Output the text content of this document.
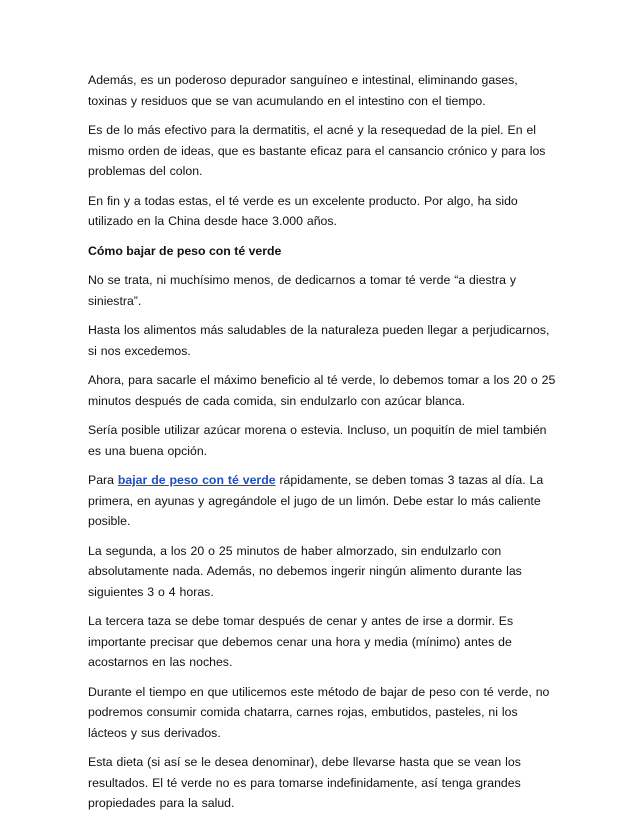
Además, es un poderoso depurador sanguíneo e intestinal, eliminando gases, toxinas y residuos que se van acumulando en el intestino con el tiempo.

Es de lo más efectivo para la dermatitis, el acné y la resequedad de la piel. En el mismo orden de ideas, que es bastante eficaz para el cansancio crónico y para los problemas del colon.

En fin y a todas estas, el té verde es un excelente producto. Por algo, ha sido utilizado en la China desde hace 3.000 años.

Cómo bajar de peso con té verde

No se trata, ni muchísimo menos, de dedicarnos a tomar té verde “a diestra y siniestra”.

Hasta los alimentos más saludables de la naturaleza pueden llegar a perjudicarnos, si nos excedemos.

Ahora, para sacarle el máximo beneficio al té verde, lo debemos tomar a los 20 o 25 minutos después de cada comida, sin endulzarlo con azúcar blanca.

Sería posible utilizar azúcar morena o estevia. Incluso, un poquitín de miel también es una buena opción.

Para bajar de peso con té verde rápidamente, se deben tomas 3 tazas al día. La primera, en ayunas y agregándole el jugo de un limón. Debe estar lo más caliente posible.

La segunda, a los 20 o 25 minutos de haber almorzado, sin endulzarlo con absolutamente nada. Además, no debemos ingerir ningún alimento durante las siguientes 3 o 4 horas.

La tercera taza se debe tomar después de cenar y antes de irse a dormir. Es importante precisar que debemos cenar una hora y media (mínimo) antes de acostarnos en las noches.

Durante el tiempo en que utilicemos este método de bajar de peso con té verde, no podremos consumir comida chatarra, carnes rojas, embutidos, pasteles, ni los lácteos y sus derivados.

Esta dieta (si así se le desea denominar), debe llevarse hasta que se vean los resultados. El té verde no es para tomarse indefinidamente, así tenga grandes propiedades para la salud.
